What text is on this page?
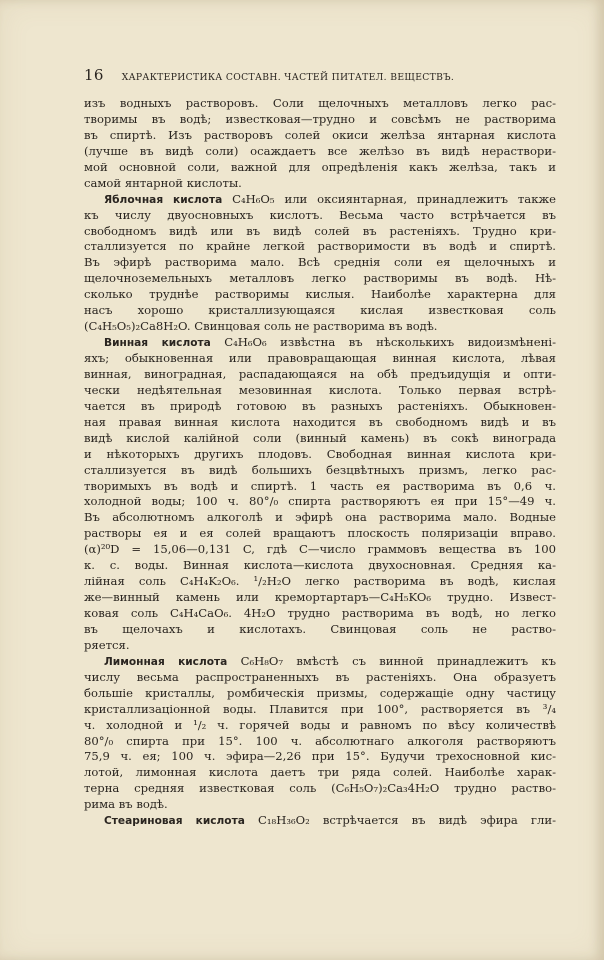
16 ХАРАКТЕРИСТИКА СОСТАВН. ЧАСТЕЙ ПИТАТЕЛ. ВЕЩЕСТВЪ.
изъ водныхъ растворовъ. Соли щелочныхъ металловъ легко рас-
творимы въ водѣ; известковая—трудно и совсѣмъ не растворима
въ спиртѣ. Изъ растворовъ солей окиси желѣза янтарная кислота
(лучше въ видѣ соли) осаждаетъ все желѣзо въ видѣ нераствори-
мой основной соли, важной для опредѣленія какъ желѣза, такъ и
самой янтарной кислоты.
Яблочная кислота C₄H₆O₅ или оксиянтарная, принадлежитъ также
къ числу двуосновныхъ кислотъ. Весьма часто встрѣчается въ
свободномъ видѣ или въ видѣ солей въ растеніяхъ. Трудно кри-
сталлизуется по крайне легкой растворимости въ водѣ и спиртѣ.
Въ эфирѣ растворима мало. Всѣ среднія соли ея щелочныхъ и
щелочноземельныхъ металловъ легко растворимы въ водѣ. Нѣ-
сколько труднѣе растворимы кислыя. Наиболѣе характерна для
насъ хорошо кристаллизующаяся кислая известковая соль
(C₄H₅O₅)₂Ca8H₂O. Свинцовая соль не растворима въ водѣ.
Винная кислота C₄H₆O₆ извѣстна въ нѣсколькихъ видоизмѣненi-
яхъ; обыкновенная или правовращающая винная кислота, лѣвая
винная, виноградная, распадающаяся на обѣ предъидущія и опти-
чески недѣятельная мезовинная кислота. Только первая встрѣ-
чается въ природѣ готовою въ разныхъ растеніяхъ. Обыкновен-
ная правая винная кислота находится въ свободномъ видѣ и въ
видѣ кислой калiйной соли (винный камень) въ сокѣ винограда
и нѣкоторыхъ другихъ плодовъ. Свободная винная кислота кри-
сталлизуется въ видѣ большихъ безцвѣтныхъ призмъ, легко рас-
творимыхъ въ водѣ и спиртѣ. 1 часть ея растворима въ 0,6 ч.
холодной воды; 100 ч. 80°/₀ спирта растворяютъ ея при 15°—49 ч.
Въ абсолютномъ алкоголѣ и эфирѣ она растворима мало. Водные
растворы ея и ея солей вращаютъ плоскость поляризацiи вправо.
(α)²⁰D = 15,06—0,131 C, гдѣ C—число граммовъ вещества въ 100
к. с. воды. Винная кислота—кислота двухосновная. Средняя ка-
лiйная соль C₄H₄K₂O₆. ¹/₂H₂O легко растворима въ водѣ, кислая
же—винный камень или кремортартаръ—C₄H₅KO₆ трудно. Извест-
ковая соль C₄H₄CaO₆. 4H₂O трудно растворима въ водѣ, но легко
въ щелочахъ и кислотахъ. Свинцовая соль не раство-
ряется.
Лимонная кислота C₆H₈O₇ вмѣстѣ съ винной принадлежитъ къ
числу весьма распространенныхъ въ растеніяхъ. Она образуетъ
большiе кристаллы, ромбическiя призмы, содержащiе одну частицу
кристаллизацiонной воды. Плавится при 100°, растворяется въ ³/₄
ч. холодной и ¹/₂ ч. горячей воды и равномъ по вѣсу количествѣ
80°/₀ спирта при 15°. 100 ч. абсолютнаго алкоголя растворяютъ
75,9 ч. ея; 100 ч. эфира—2,26 при 15°. Будучи трехосновной кис-
лотой, лимонная кислота даетъ три ряда солей. Наиболѣе харак-
терна средняя известковая соль (C₆H₅O₇)₂Ca₃4H₂O трудно раство-
рима въ водѣ.
Стеариновая кислота C₁₈H₃₆O₂ встрѣчается въ видѣ эфира гли-
